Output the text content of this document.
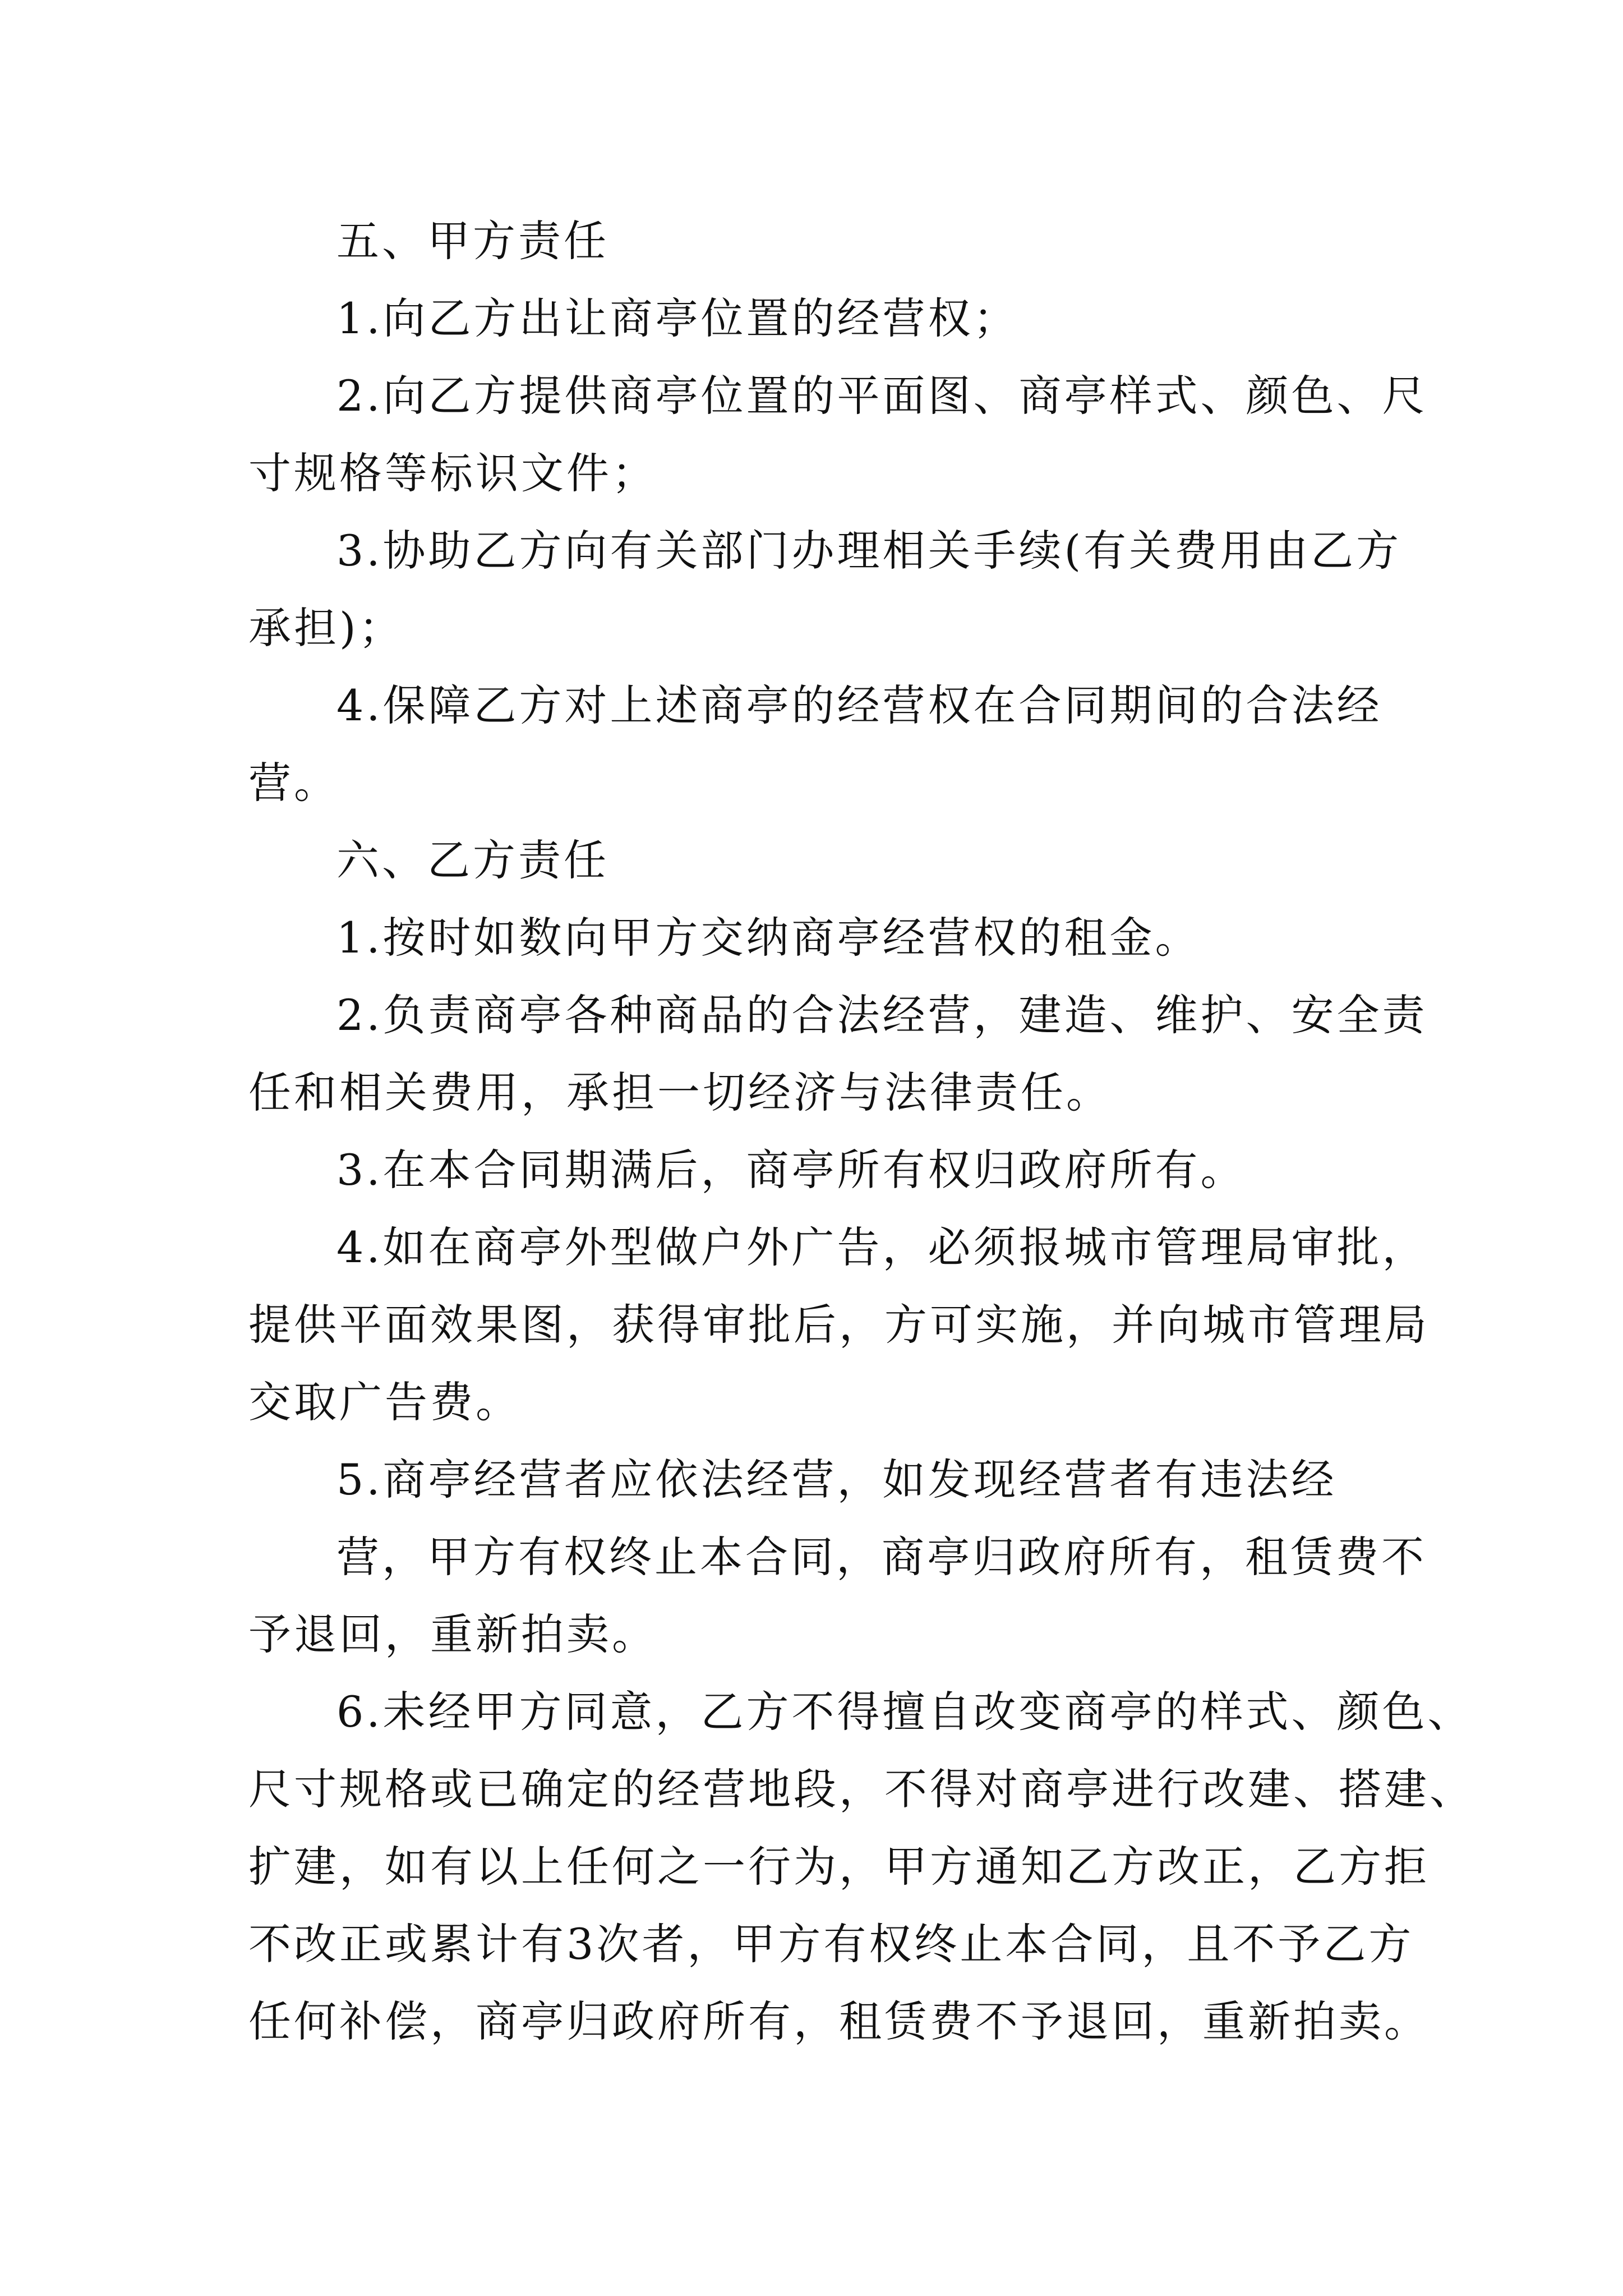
五、甲方责任
1.向乙方出让商亭位置的经营权；
2.向乙方提供商亭位置的平面图、商亭样式、颜色、尺
寸规格等标识文件；
3.协助乙方向有关部门办理相关手续(有关费用由乙方
承担)；
4.保障乙方对上述商亭的经营权在合同期间的合法经
营。
六、乙方责任
1.按时如数向甲方交纳商亭经营权的租金。
2.负责商亭各种商品的合法经营，建造、维护、安全责
任和相关费用，承担一切经济与法律责任。
3.在本合同期满后，商亭所有权归政府所有。
4.如在商亭外型做户外广告，必须报城市管理局审批，
提供平面效果图，获得审批后，方可实施，并向城市管理局
交取广告费。
5.商亭经营者应依法经营，如发现经营者有违法经
营，甲方有权终止本合同，商亭归政府所有，租赁费不
予退回，重新拍卖。
6.未经甲方同意，乙方不得擅自改变商亭的样式、颜色、
尺寸规格或已确定的经营地段，不得对商亭进行改建、搭建、
扩建，如有以上任何之一行为，甲方通知乙方改正，乙方拒
不改正或累计有3次者，甲方有权终止本合同，且不予乙方
任何补偿，商亭归政府所有，租赁费不予退回，重新拍卖。
